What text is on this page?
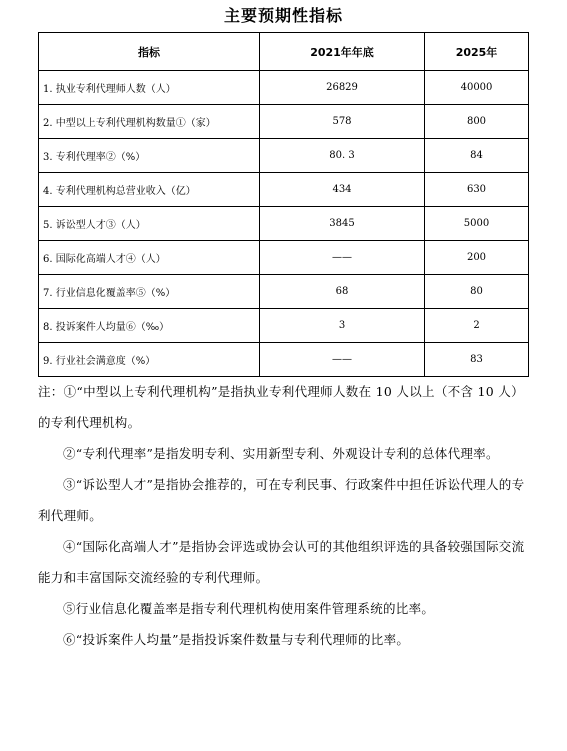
主要预期性指标
指标	2021年年底	2025年
1. 执业专利代理师人数（人）	26829	40000
2. 中型以上专利代理机构数量①（家）	578	800
3. 专利代理率②（%）	80. 3	84
4. 专利代理机构总营业收入（亿）	434	630
5. 诉讼型人才③（人）	3845	5000
6. 国际化高端人才④（人）	——	200
7. 行业信息化覆盖率⑤（%）	68	80
8. 投诉案件人均量⑥（‰）	3	2
9. 行业社会满意度（%）	——	83

注：①“中型以上专利代理机构”是指执业专利代理师人数在 10 人以上（不含 10 人）的专利代理机构。

②“专利代理率”是指发明专利、实用新型专利、外观设计专利的总体代理率。

③“诉讼型人才”是指协会推荐的，可在专利民事、行政案件中担任诉讼代理人的专利代理师。

④“国际化高端人才”是指协会评选或协会认可的其他组织评选的具备较强国际交流能力和丰富国际交流经验的专利代理师。

⑤行业信息化覆盖率是指专利代理机构使用案件管理系统的比率。

⑥“投诉案件人均量”是指投诉案件数量与专利代理师的比率。
